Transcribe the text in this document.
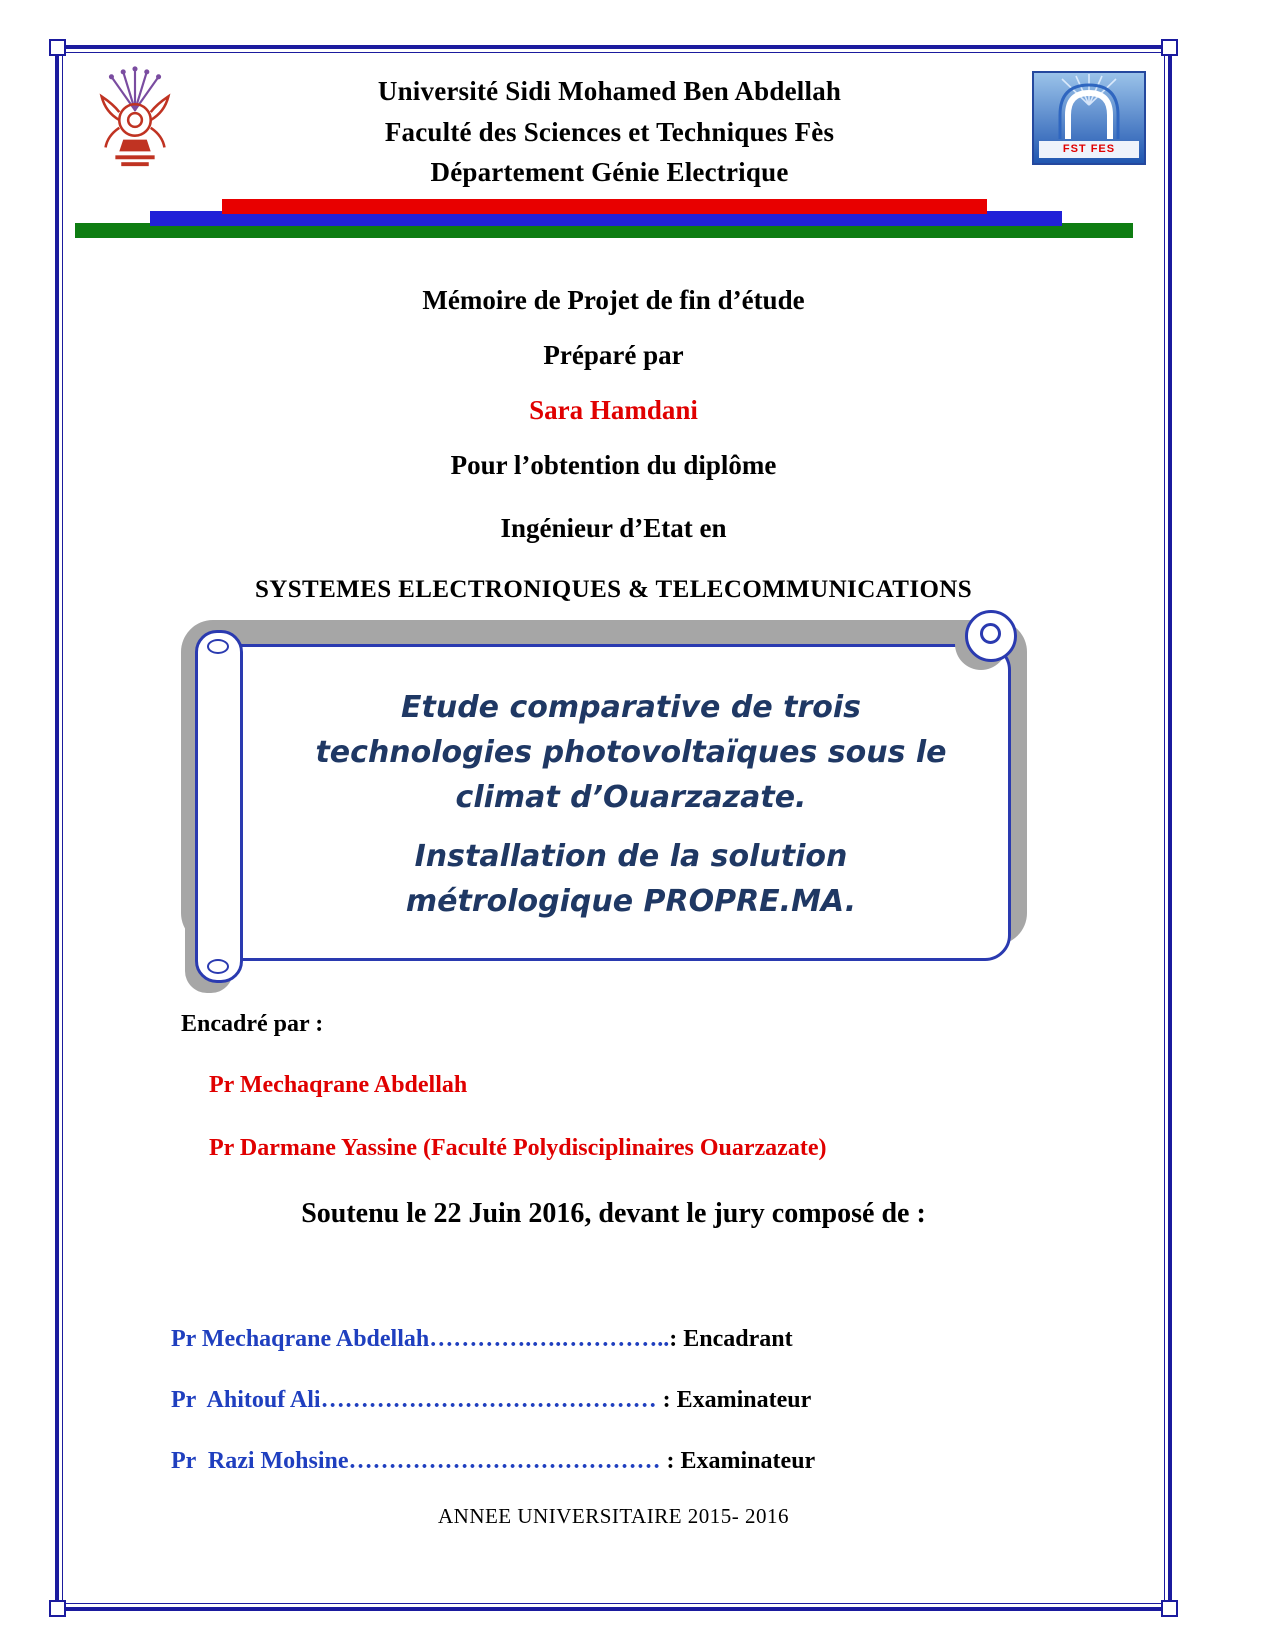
Université Sidi Mohamed Ben Abdellah
Faculté des Sciences et Techniques Fès
Département Génie Electrique
FST FES

Mémoire de Projet de fin d’étude

Préparé par

Sara Hamdani

Pour l’obtention du diplôme

Ingénieur d’Etat en

SYSTEMES ELECTRONIQUES & TELECOMMUNICATIONS

Etude comparative de trois technologies photovoltaïques sous le climat d’Ouarzazate.

Installation de la solution métrologique PROPRE.MA.

Encadré par :

Pr Mechaqrane Abdellah

Pr Darmane Yassine (Faculté Polydisciplinaires Ouarzazate)

Soutenu le 22 Juin 2016, devant le jury composé de :

Pr Mechaqrane Abdellah………….….…………..: Encadrant

Pr  Ahitouf Ali…………………………………… : Examinateur

Pr  Razi Mohsine………………………………… : Examinateur

ANNEE UNIVERSITAIRE 2015- 2016
